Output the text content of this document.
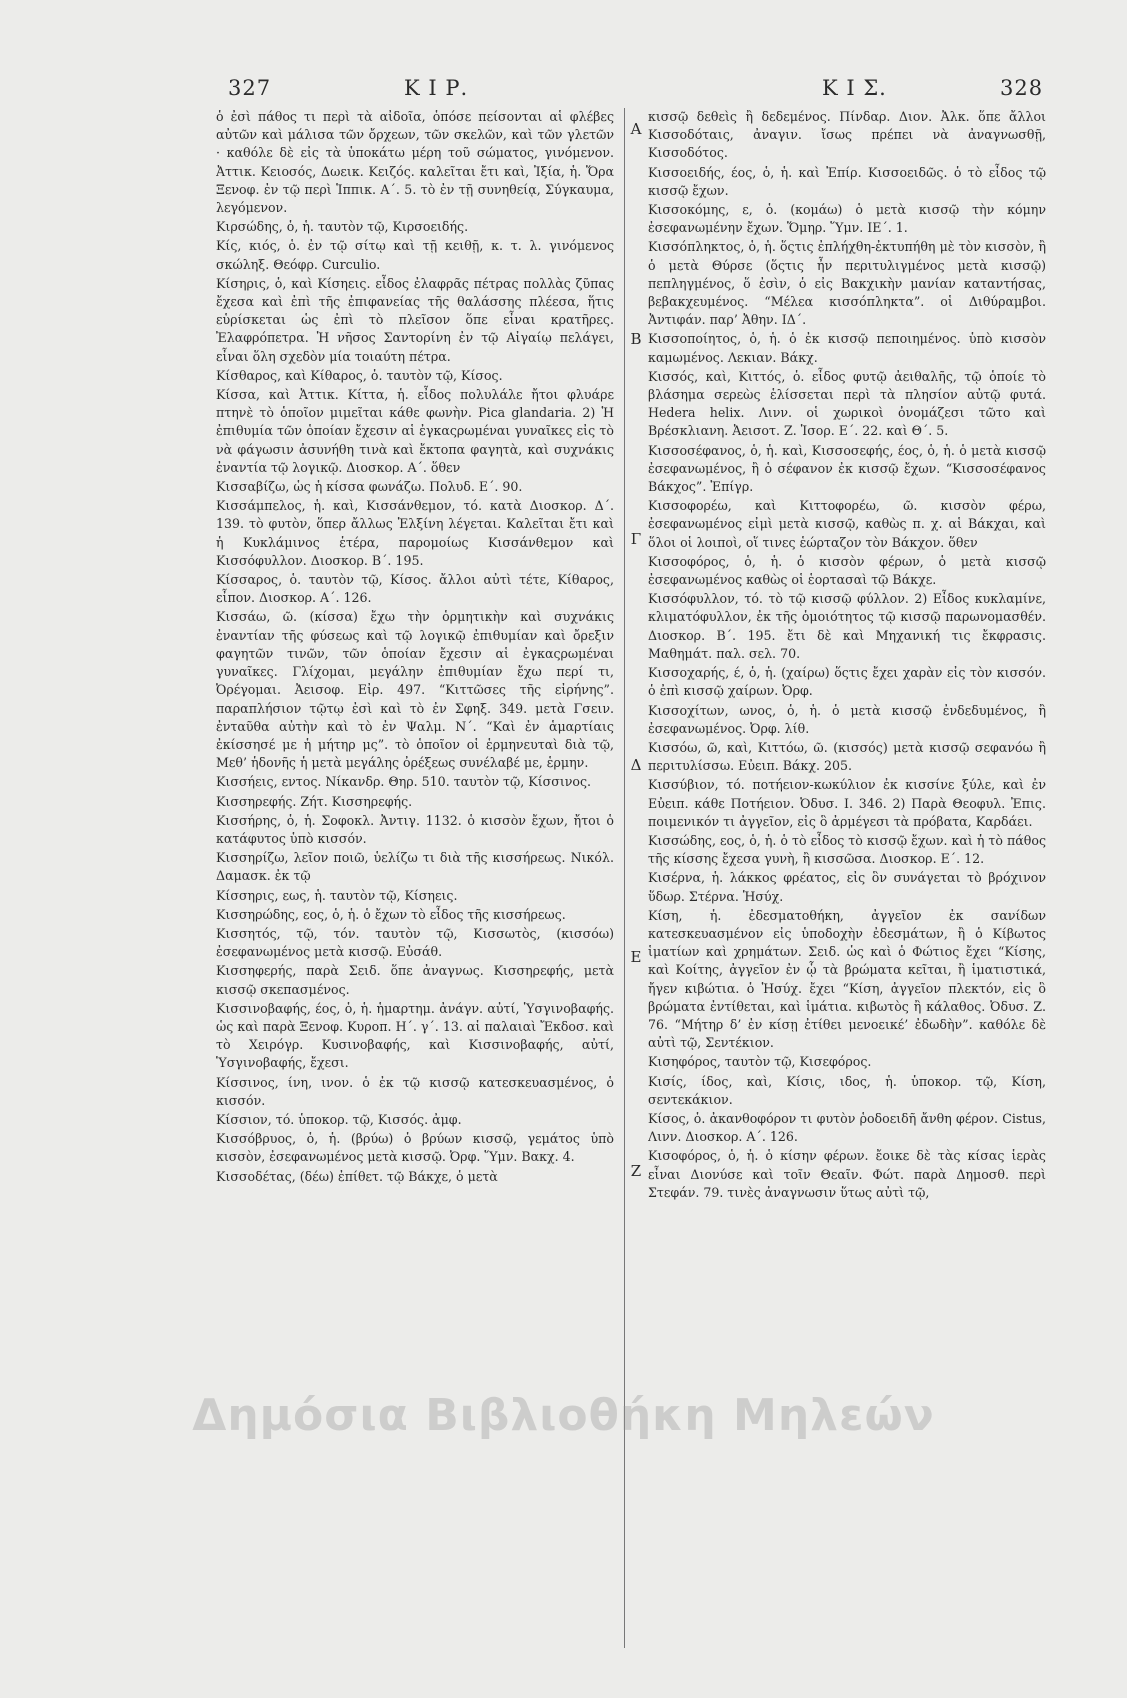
327	Κ Ι Ρ.	Κ Ι Σ.	328
ὁ ἐσὶ πάθος τι περὶ τὰ αἰδοῖα, ὁπόσε πείσονται αἱ φλέβες αὐτῶν καὶ μάλισα τῶν ὄρχεων, τῶν σκελῶν, καὶ τῶν γλετῶν · καθόλε δὲ εἰς τὰ ὑποκάτω μέρη τοῦ σώματος, γινόμενον. Ἀττικ. Κειοσός, Δωεικ. Κειζός. καλεῖται ἔτι καὶ, Ἰξία, ἡ. Ὅρα Ξενοφ. ἐν τῷ περὶ Ἱππικ. Α΄. 5. τὸ ἐν τῇ συνηθείᾳ, Σύγκαυμα, λεγόμενον.
Κιρσώδης, ὁ, ἡ. ταυτὸν τῷ, Κιρσοειδής.
Κίς, κιός, ὁ. ἐν τῷ σίτῳ καὶ τῇ κειθῇ, κ. τ. λ. γινόμενος σκώληξ. Θεόφρ. Curculio.
Κίσηρις, ὁ, καὶ Κίσηεις. εἶδος ἐλαφρᾶς πέτρας πολλὰς ζῦπας ἔχεσα καὶ ἐπὶ τῆς ἐπιφανείας τῆς θαλάσσης πλέεσα, ἥτις εὑρίσκεται ὡς ἐπὶ τὸ πλεῖσον ὅπε εἶναι κρατῆρες. Ἐλαφρόπετρα. Ἡ νῆσος Σαντορίνη ἐν τῷ Αἰγαίῳ πελάγει, εἶναι ὅλη σχεδὸν μία τοιαύτη πέτρα.
Κίσθαρος, καὶ Κίθαρος, ὁ. ταυτὸν τῷ, Κίσος.
Κίσσα, καὶ Ἀττικ. Κίττα, ἡ. εἶδος πολυλάλε ἤτοι φλυάρε πτηνὲ τὸ ὁποῖον μιμεῖται κάθε φωνὴν. Pica glandaria. 2) Ἡ ἐπιθυμία τῶν ὁποίαν ἔχεσιν αἱ ἐγκαςρωμέναι γυναῖκες εἰς τὸ νὰ φάγωσιν ἀσυνήθη τινὰ καὶ ἔκτοπα φαγητὰ, καὶ συχνάκις ἐναντία τῷ λογικῷ. Διοσκορ. Α΄. ὅθεν
Κισσαβίζω, ὡς ἡ κίσσα φωνάζω. Πολυδ. Ε΄. 90.
Κισσάμπελος, ἡ. καὶ, Κισσάνθεμον, τό. κατὰ Διοσκορ. Δ΄. 139. τὸ φυτὸν, ὅπερ ἄλλως Ἑλξίνη λέγεται. Καλεῖται ἔτι καὶ ἡ Κυκλάμινος ἑτέρα, παρομοίως Κισσάνθεμον καὶ Κισσόφυλλον. Διοσκορ. Β΄. 195.
Κίσσαρος, ὁ. ταυτὸν τῷ, Κίσος. ἄλλοι αὐτὶ τέτε, Κίθαρος, εἶπον. Διοσκορ. Α΄. 126.
Κισσάω, ῶ. (κίσσα) ἔχω τὴν ὁρμητικὴν καὶ συχνάκις ἐναντίαν τῆς φύσεως καὶ τῷ λογικῷ ἐπιθυμίαν καὶ ὄρεξιν φαγητῶν τινῶν, τῶν ὁποίαν ἔχεσιν αἱ ἐγκαςρωμέναι γυναῖκες. Γλίχομαι, μεγάλην ἐπιθυμίαν ἔχω περί τι, Ὀρέγομαι. Ἀεισοφ. Εἰρ. 497. “Κιττῶσες τῆς εἰρήνης”. παραπλήσιον τῷτῳ ἐσὶ καὶ τὸ ἐν Σφηξ. 349. μετὰ Γσειν. ἐνταῦθα αὐτὴν καὶ τὸ ἐν Ψαλμ. Ν΄. “Καὶ ἐν ἁμαρτίαις ἐκίσσησέ με ἡ μήτηρ μς”. τὸ ὁποῖον οἱ ἑρμηνευταὶ διὰ τῷ, Μεθ’ ἡδονῆς ἡ μετὰ μεγάλης ὀρέξεως συνέλαβέ με, ἑρμην.
Κισσήεις, εντος. Νίκανδρ. Θηρ. 510. ταυτὸν τῷ, Κίσσινος.
Κισσηρεφής. Ζήτ. Κισσηρεφής.
Κισσήρης, ὁ, ἡ. Σοφοκλ. Ἀντιγ. 1132. ὁ κισσὸν ἔχων, ἤτοι ὁ κατάφυτος ὑπὸ κισσόν.
Κισσηρίζω, λεῖον ποιῶ, ὑελίζω τι διὰ τῆς κισσήρεως. Νικόλ. Δαμασκ. ἐκ τῷ
Κίσσηρις, εως, ἡ. ταυτὸν τῷ, Κίσηεις.
Κισσηρώδης, εος, ὁ, ἡ. ὁ ἔχων τὸ εἶδος τῆς κισσήρεως.
Κισσητός, τῷ, τόν. ταυτὸν τῷ, Κισσωτὸς, (κισσόω) ἐσεφανωμένος μετὰ κισσῷ. Εὐσάθ.
Κισσηφερής, παρὰ Σειδ. ὅπε ἀναγνως. Κισσηρεφής, μετὰ κισσῷ σκεπασμένος.
Κισσινοβαφής, έος, ὁ, ἡ. ἡμαρτημ. ἀνάγν. αὐτί, Ὑσγινοβαφής. ὡς καὶ παρὰ Ξενοφ. Κυροπ. Η΄. γ΄. 13. αἱ παλαιαὶ Ἔκδοσ. καὶ τὸ Χειρόγρ. Κυσινοβαφής, καὶ Κισσινοβαφής, αὐτί, Ὑσγινοβαφής, ἔχεσι.
Κίσσινος, ίνη, ινον. ὁ ἐκ τῷ κισσῷ κατεσκευασμένος, ὁ κισσόν.
Κίσσιον, τό. ὑποκορ. τῷ, Κισσός. ἀμφ.
Κισσόβρυος, ὁ, ἡ. (βρύω) ὁ βρύων κισσῷ, γεμάτος ὑπὸ κισσὸν, ἐσεφανωμένος μετὰ κισσῷ. Ὀρφ. Ὕμν. Βακχ. 4.
Κισσοδέτας, (δέω) ἐπίθετ. τῷ Βάκχε, ὁ μετὰ
A
B
Γ
Δ
E
Z
κισσῷ δεθεὶς ἢ δεδεμένος. Πίνδαρ. Διον. Ἀλκ. ὅπε ἄλλοι Κισσοδόταις, ἀναγιν. ἴσως πρέπει νὰ ἀναγνωσθῇ, Κισσοδότος.
Κισσοειδής, έος, ὁ, ἡ. καὶ Ἐπίρ. Κισσοειδῶς. ὁ τὸ εἶδος τῷ κισσῷ ἔχων.
Κισσοκόμης, ε, ὁ. (κομάω) ὁ μετὰ κισσῷ τὴν κόμην ἐσεφανωμένην ἔχων. Ὅμηρ. Ὕμν. ΙΕ΄. 1.
Κισσόπληκτος, ὁ, ἡ. ὅςτις ἐπλήχθη-ἐκτυπήθη μὲ τὸν κισσὸν, ἢ ὁ μετὰ Θύρσε (ὅςτις ἦν περιτυλιγμένος μετὰ κισσῷ) πεπληγμένος, ὅ ἐσὶν, ὁ εἰς Βακχικὴν μανίαν καταντήσας, βεβακχευμένος. “Μέλεα κισσόπληκτα”. οἱ Διθύραμβοι. Ἀντιφάν. παρ’ Ἀθην. ΙΔ΄.
Κισσοποίητος, ὁ, ἡ. ὁ ἐκ κισσῷ πεποιημένος. ὑπὸ κισσὸν καμωμένος. Λεκιαν. Βάκχ.
Κισσός, καὶ, Κιττός, ὁ. εἶδος φυτῷ ἀειθαλῆς, τῷ ὁποίε τὸ βλάσημα σερεὼς ἑλίσσεται περὶ τὰ πλησίον αὐτῷ φυτά. Hedera helix. Λινν. οἱ χωρικοὶ ὀνομάζεσι τῶτο καὶ Βρέσκλιανη. Ἀεισοτ. Ζ. Ἱσορ. Ε΄. 22. καὶ Θ΄. 5.
Κισσοσέφανος, ὁ, ἡ. καὶ, Κισσοσεφής, έος, ὁ, ἡ. ὁ μετὰ κισσῷ ἐσεφανωμένος, ἢ ὁ σέφανον ἐκ κισσῷ ἔχων. “Κισσοσέφανος Βάκχος”. Ἐπίγρ.
Κισσοφορέω, καὶ Κιττοφορέω, ῶ. κισσὸν φέρω, ἐσεφανωμένος εἰμὶ μετὰ κισσῷ, καθὼς π. χ. αἱ Βάκχαι, καὶ ὅλοι οἱ λοιποὶ, οἵ τινες ἑώρταζον τὸν Βάκχον. ὅθεν
Κισσοφόρος, ὁ, ἡ. ὁ κισσὸν φέρων, ὁ μετὰ κισσῷ ἐσεφανωμένος καθὼς οἱ ἑορτασαὶ τῷ Βάκχε.
Κισσόφυλλον, τό. τὸ τῷ κισσῷ φύλλον. 2) Εἶδος κυκλαμίνε, κλιματόφυλλον, ἐκ τῆς ὁμοιότητος τῷ κισσῷ παρωνομασθέν. Διοσκορ. Β΄. 195. ἔτι δὲ καὶ Μηχανική τις ἔκφρασις. Μαθημάτ. παλ. σελ. 70.
Κισσοχαρής, έ, ὁ, ἡ. (χαίρω) ὅςτις ἔχει χαρὰν εἰς τὸν κισσόν. ὁ ἐπὶ κισσῷ χαίρων. Ὀρφ.
Κισσοχίτων, ωνος, ὁ, ἡ. ὁ μετὰ κισσῷ ἐνδεδυμένος, ἢ ἐσεφανωμένος. Ὀρφ. λίθ.
Κισσόω, ῶ, καὶ, Κιττόω, ῶ. (κισσός) μετὰ κισσῷ σεφανόω ἢ περιτυλίσσω. Εὐειπ. Βάκχ. 205.
Κισσύβιον, τό. ποτήειον-κωκύλιον ἐκ κισσίνε ξύλε, καὶ ἐν Εὐειπ. κάθε Ποτήειον. Ὀδυσ. Ι. 346. 2) Παρὰ Θεοφυλ. Ἐπις. ποιμενικόν τι ἀγγεῖον, εἰς ὃ ἀρμέγεσι τὰ πρόβατα, Καρδάει.
Κισσώδης, εος, ὁ, ἡ. ὁ τὸ εἶδος τὸ κισσῷ ἔχων. καὶ ἡ τὸ πάθος τῆς κίσσης ἔχεσα γυνὴ, ἢ κισσῶσα. Διοσκορ. Ε΄. 12.
Κισέρνα, ἡ. λάκκος φρέατος, εἰς ὃν συνάγεται τὸ βρόχινον ὕδωρ. Στέρνα. Ἡσύχ.
Κίση, ἡ. ἐδεσματοθήκη, ἀγγεῖον ἐκ σανίδων κατεσκευασμένον εἰς ὑποδοχὴν ἐδεσμάτων, ἢ ὁ Κίβωτος ἱματίων καὶ χρημάτων. Σειδ. ὡς καὶ ὁ Φώτιος ἔχει “Κίσης, καὶ Κοίτης, ἀγγεῖον ἐν ᾧ τὰ βρώματα κεῖται, ἢ ἱματιστικά, ἤγεν κιβώτια. ὁ Ἡσύχ. ἔχει “Κίση, ἀγγεῖον πλεκτόν, εἰς ὃ βρώματα ἐντίθεται, καὶ ἱμάτια. κιβωτὸς ἢ κάλαθος. Ὀδυσ. Ζ. 76. “Μήτηρ δ’ ἐν κίσῃ ἐτίθει μενοεικέ’ ἐδωδὴν”. καθόλε δὲ αὐτὶ τῷ, Σεντέκιον.
Κισηφόρος, ταυτὸν τῷ, Κισεφόρος.
Κισίς, ίδος, καὶ, Κίσις, ιδος, ἡ. ὑποκορ. τῷ, Κίση, σεντεκάκιον.
Κίσος, ὁ. ἀκανθοφόρον τι φυτὸν ῥοδοειδῆ ἄνθη φέρον. Cistus, Λινν. Διοσκορ. Α΄. 126.
Κισοφόρος, ὁ, ἡ. ὁ κίσην φέρων. ἔοικε δὲ τὰς κίσας ἱερὰς εἶναι Διονύσε καὶ τοῖν Θεαῖν. Φώτ. παρὰ Δημοσθ. περὶ Στεφάν. 79. τινὲς ἀναγνωσιν ὕτως αὐτὶ τῷ,
Δημόσια Βιβλιοθήκη Μηλεών
